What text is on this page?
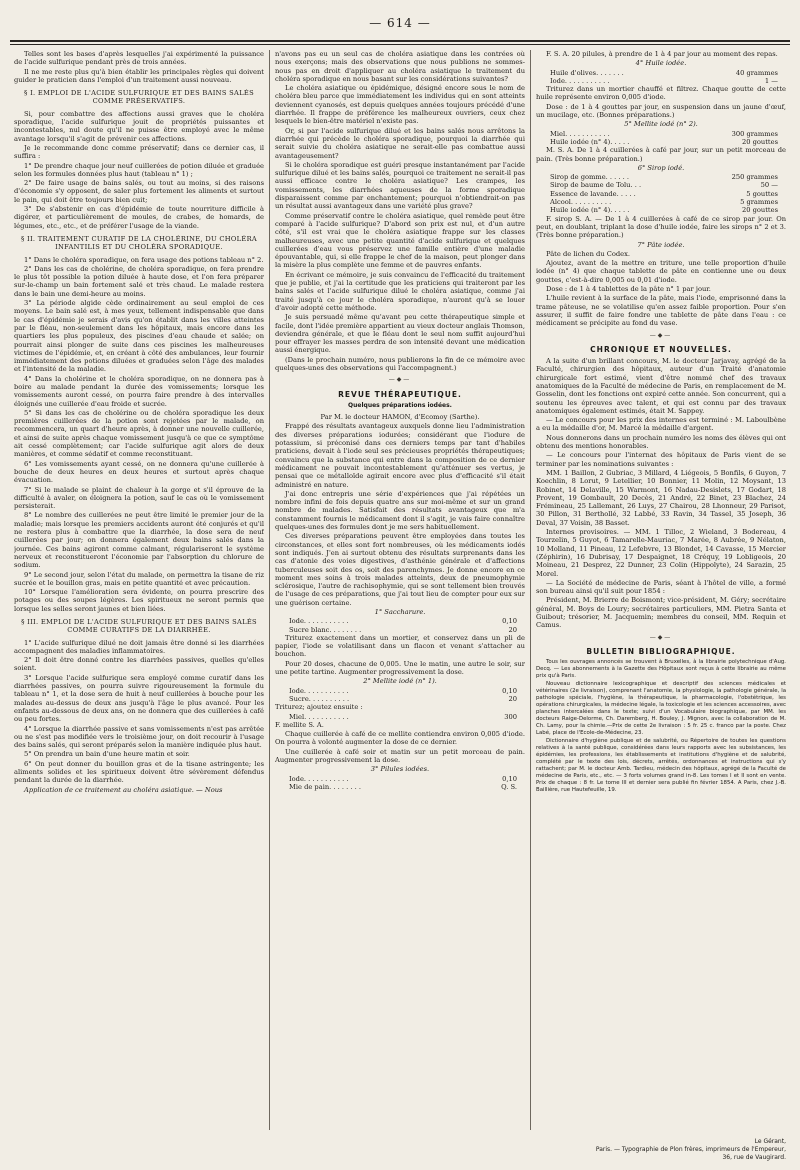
— 614 —

Telles sont les bases d'après lesquelles j'ai expérimenté la puissance de l'acide sulfurique pendant près de trois années.

Il ne me reste plus qu'à bien établir les principales règles qui doivent guider le praticien dans l'emploi d'un traitement aussi nouveau.

§ I. EMPLOI DE L'ACIDE SULFURIQUE ET DES BAINS SALÉS COMME PRÉSERVATIFS.

Si, pour combattre des affections aussi graves que le choléra sporadique, l'acide sulfurique jouit de propriétés puissantes et incontestables, nul doute qu'il ne puisse être employé avec le même avantage lorsqu'il s'agit de prévenir ces affections.

Je le recommande donc comme préservatif; dans ce dernier cas, il suffira :

1° De prendre chaque jour neuf cuillerées de potion diluée et graduée selon les formules données plus haut (tableau n° 1) ;

2° De faire usage de bains salés, ou tout au moins, si des raisons d'économie s'y opposent, de saler plus fortement les aliments et surtout le pain, qui doit être toujours bien cuit;

3° De s'abstenir en cas d'épidémie de toute nourriture difficile à digérer, et particulièrement de moules, de crabes, de homards, de légumes, etc., etc., et de préférer l'usage de la viande.

§ II. TRAITEMENT CURATIF DE LA CHOLÉRINE, DU CHOLÉRA INFANTILIS ET DU CHOLÉRA SPORADIQUE.

1° Dans le choléra sporadique, on fera usage des potions tableau n° 2.

2° Dans les cas de cholérine, de choléra sporadique, on fera prendre le plus tôt possible la potion diluée à haute dose, et l'on fera préparer sur-le-champ un bain fortement salé et très chaud. Le malade restera dans le bain une demi-heure au moins.

3° La période algide cède ordinairement au seul emploi de ces moyens. Le bain salé est, à mes yeux, tellement indispensable que dans le cas d'épidémie je serais d'avis qu'on établit dans les villes atteintes par le fléau, non-seulement dans les hôpitaux, mais encore dans les quartiers les plus populeux, des piscines d'eau chaude et salée; on pourrait ainsi plonger de suite dans ces piscines les malheureuses victimes de l'épidémie, et, en créant à côté des ambulances, leur fournir immédiatement des potions diluées et graduées selon l'âge des malades et l'intensité de la maladie.

4° Dans la cholérine et le choléra sporadique, on ne donnera pas à boire au malade pendant la durée des vomissements; lorsque les vomissements auront cessé, on pourra faire prendre à des intervalles éloignés une cuillerée d'eau froide et sucrée.

5° Si dans les cas de cholérine ou de choléra sporadique les deux premières cuillerées de la potion sont rejetées par le malade, on recommencera, un quart d'heure après, à donner une nouvelle cuillerée, et ainsi de suite après chaque vomissement jusqu'à ce que ce symptôme ait cessé complètement; car l'acide sulfurique agit alors de deux manières, et comme sédatif et comme reconstituant.

6° Les vomissements ayant cessé, on ne donnera qu'une cuillerée à bouche de deux heures en deux heures et surtout après chaque évacuation.

7° Si le malade se plaint de chaleur à la gorge et s'il éprouve de la difficulté à avaler, on éloignera la potion, sauf le cas où le vomissement persisterait.

8° Le nombre des cuillerées ne peut être limité le premier jour de la maladie; mais lorsque les premiers accidents auront été conjurés et qu'il ne restera plus à combattre que la diarrhée, la dose sera de neuf cuillerées par jour; on donnera également deux bains salés dans la journée. Ces bains agiront comme calmant, régulariseront le système nerveux et reconstitueront l'économie par l'absorption du chlorure de sodium.

9° Le second jour, selon l'état du malade, on permettra la tisane de riz sucrée et le bouillon gras, mais en petite quantité et avec précaution.

10° Lorsque l'amélioration sera évidente, on pourra prescrire des potages ou des soupes légères. Les spiritueux ne seront permis que lorsque les selles seront jaunes et bien liées.

§ III. EMPLOI DE L'ACIDE SULFURIQUE ET DES BAINS SALÉS COMME CURATIFS DE LA DIARRHÉE.

1° L'acide sulfurique dilué ne doit jamais être donné si les diarrhées accompagnent des maladies inflammatoires.

2° Il doit être donné contre les diarrhées passives, quelles qu'elles soient.

3° Lorsque l'acide sulfurique sera employé comme curatif dans les diarrhées passives, on pourra suivre rigoureusement la formule du tableau n° 1, et la dose sera de huit à neuf cuillerées à bouche pour les malades au-dessus de deux ans jusqu'à l'âge le plus avancé. Pour les enfants au-dessous de deux ans, on ne donnera que des cuillerées à café ou peu fortes.

4° Lorsque la diarrhée passive et sans vomissements n'est pas arrêtée ou ne s'est pas modifiée vers le troisième jour, on doit recourir à l'usage des bains salés, qui seront préparés selon la manière indiquée plus haut.

5° On prendra un bain d'une heure matin et soir.

6° On peut donner du bouillon gras et de la tisane astringente; les aliments solides et les spiritueux doivent être sévèrement défendus pendant la durée de la diarrhée.

Application de ce traitement au choléra asiatique. — Nous

n'avons pas eu un seul cas de choléra asiatique dans les contrées où nous exerçons; mais des observations que nous publions ne sommes-nous pas en droit d'appliquer au choléra asiatique le traitement du choléra sporadique en nous basant sur les considérations suivantes?

Le choléra asiatique ou épidémique, désigné encore sous le nom de choléra bleu parce que immédiatement les individus qui en sont atteints deviennent cyanosés, est depuis quelques années toujours précédé d'une diarrhée. Il frappe de préférence les malheureux ouvriers, ceux chez lesquels le bien-être matériel n'existe pas.

Or, si par l'acide sulfurique dilué et les bains salés nous arrêtons la diarrhée qui précède le choléra sporadique, pourquoi la diarrhée qui serait suivie du choléra asiatique ne serait-elle pas combattue aussi avantageusement?

Si le choléra sporadique est guéri presque instantanément par l'acide sulfurique dilué et les bains salés, pourquoi ce traitement ne serait-il pas aussi efficace contre le choléra asiatique? Les crampes, les vomissements, les diarrhées aqueuses de la forme sporadique disparaissent comme par enchantement; pourquoi n'obtiendrait-on pas un résultat aussi avantageux dans une variété plus grave?

Comme préservatif contre le choléra asiatique, quel remède peut être comparé à l'acide sulfurique? D'abord son prix est nul, et d'un autre côté, s'il est vrai que le choléra asiatique frappe sur les classes malheureuses, avec une petite quantité d'acide sulfurique et quelques cuillerées d'eau vous préservez une famille entière d'une maladie épouvantable, qui, si elle frappe le chef de la maison, peut plonger dans la misère la plus complète une femme et de pauvres enfants.

En écrivant ce mémoire, je suis convaincu de l'efficacité du traitement que je publie, et j'ai la certitude que les praticiens qui traiteront par les bains salés et l'acide sulfurique dilué le choléra asiatique, comme j'ai traité jusqu'à ce jour le choléra sporadique, n'auront qu'à se louer d'avoir adopté cette méthode.

Je suis persuadé même qu'avant peu cette thérapeutique simple et facile, dont l'idée première appartient au vieux docteur anglais Thomson, deviendra générale, et que le fléau dont le seul nom suffit aujourd'hui pour effrayer les masses perdra de son intensité devant une médication aussi énergique.

(Dans le prochain numéro, nous publierons la fin de ce mémoire avec quelques-unes des observations qui l'accompagnent.)

—◆—

REVUE THÉRAPEUTIQUE.

Quelques préparations iodées.

Par M. le docteur HAMON, d'Ecomoy (Sarthe).

Frappé des résultats avantageux auxquels donne lieu l'administration des diverses préparations iodurées; considérant que l'iodure de potassium, si préconisé dans ces derniers temps par tant d'habiles praticiens, devait à l'iode seul ses précieuses propriétés thérapeutiques; convaincu que la substance qui entre dans la composition de ce dernier médicament ne pouvait incontestablement qu'atténuer ses vertus, je pensai que ce métalloïde agirait encore avec plus d'efficacité s'il était administré en nature.

J'ai donc entrepris une série d'expériences que j'ai répétées un nombre infini de fois depuis quatre ans sur moi-même et sur un grand nombre de malades. Satisfait des résultats avantageux que m'a constamment fournis le médicament dont il s'agit, je vais faire connaître quelques-unes des formules dont je me sers habituellement.

Ces diverses préparations peuvent être employées dans toutes les circonstances, et elles sont fort nombreuses, où les médicaments iodés sont indiqués. J'en ai surtout obtenu des résultats surprenants dans les cas d'atonie des voies digestives, d'asthénie générale et d'affections tuberculeuses soit des os, soit des parenchymes. Je donne encore en ce moment mes soins à trois malades atteints, deux de pneumophymie sclérosique, l'autre de rachisophymie, qui se sont tellement bien trouvés de l'usage de ces préparations, que j'ai tout lieu de compter pour eux sur une guérison certaine.

1° Saccharure.

Iode. . . . . . . . . . .	0,10
Sucre blanc. . . . . . . .	20

Triturez exactement dans un mortier, et conservez dans un pli de papier, l'iode se volatilisant dans un flacon et venant s'attacher au bouchon.

Pour 20 doses, chacune de 0,005. Une le matin, une autre le soir, sur une petite tartine. Augmenter progressivement la dose.

2° Mellite iodé (n° 1).

Iode. . . . . . . . . . .	0,10
Sucre. . . . . . . . . .	20

Triturez; ajoutez ensuite :

Miel. . . . . . . . . . .	300

F. mellite S. A.

Chaque cuillerée à café de ce mellite contiendra environ 0,005 d'iode. On pourra à volonté augmenter la dose de ce dernier.

Une cuillerée à café soir et matin sur un petit morceau de pain. Augmenter progressivement la dose.

3° Pilules iodées.

Iode. . . . . . . . . . .	0,10
Mie de pain. . . . . . . .	Q. S.

F. S. A. 20 pilules, à prendre de 1 à 4 par jour au moment des repas.

4° Huile iodée.

Huile d'olives. . . . . . .	40 grammes
Iode. . . . . . . . . . .	1 —

Triturez dans un mortier chauffé et filtrez. Chaque goutte de cette huile représente environ 0,005 d'iode.

Dose : de 1 à 4 gouttes par jour, en suspension dans un jaune d'œuf, un mucilage, etc. (Bonnes préparations.)

5° Mellite iodé (n° 2).

Miel. . . . . . . . . . .	300 grammes
Huile iodée (n° 4). . . . .	20 gouttes

M. S. A. De 1 à 4 cuillerées à café par jour, sur un petit morceau de pain. (Très bonne préparation.)

6° Sirop iodé.

Sirop de gomme. . . . . .	250 grammes
Sirop de baume de Tolu. . .	50 —
Essence de lavande. . . . .	5 gouttes
Alcool. . . . . . . . . .	5 grammes
Huile iodée (n° 4). . . . .	20 gouttes

F. sirop S. A. — De 1 à 4 cuillerées à café de ce sirop par jour. On peut, en doublant, triplant la dose d'huile iodée, faire les sirops n° 2 et 3. (Très bonne préparation.)

7° Pâte iodée.

Pâte de lichen du Codex.

Ajoutez, avant de la mettre en triture, une telle proportion d'huile iodée (n° 4) que chaque tablette de pâte en contienne une ou deux gouttes, c'est-à-dire 0,005 ou 0,01 d'iode.

Dose : de 1 à 4 tablettes de la pâte n° 1 par jour.

L'huile revient à la surface de la pâte, mais l'iode, emprisonné dans la trame pâteuse, ne se volatilise qu'en assez faible proportion. Pour s'en assurer, il suffit de faire fondre une tablette de pâte dans l'eau : ce médicament se précipite au fond du vase.

—◆—

CHRONIQUE ET NOUVELLES.

A la suite d'un brillant concours, M. le docteur Jarjavay, agrégé de la Faculté, chirurgien des hôpitaux, auteur d'un Traité d'anatomie chirurgicale fort estimé, vient d'être nommé chef des travaux anatomiques de la Faculté de médecine de Paris, en remplacement de M. Gosselin, dont les fonctions ont expiré cette année. Son concurrent, qui a soutenu les épreuves avec talent, et qui est connu par des travaux anatomiques également estimés, était M. Sappey.

— Le concours pour les prix des internes est terminé : M. Laboulbène a eu la médaille d'or, M. Marcé la médaille d'argent.

Nous donnerons dans un prochain numéro les noms des élèves qui ont obtenu des mentions honorables.

— Le concours pour l'internat des hôpitaux de Paris vient de se terminer par les nominations suivantes :

MM. 1 Baillon, 2 Gubriac, 3 Millard, 4 Liégeois, 5 Bonfils, 6 Guyon, 7 Koechlin, 8 Lorut, 9 Letellier, 10 Bonnier, 11 Molin, 12 Moysant, 13 Robinet, 14 Delaville, 15 Warmont, 16 Nadau-Desislets, 17 Godart, 18 Provent, 19 Gombault, 20 Decès, 21 André, 22 Binet, 23 Blachez, 24 Frémineau, 25 Lallemant, 26 Luys, 27 Chairou, 28 Lhonneur, 29 Parisot, 30 Pillon, 31 Berthollé, 32 Labbé, 33 Ravin, 34 Tassel, 35 Joseph, 36 Deval, 37 Voisin, 38 Basset.

Internes provisoires. — MM. 1 Tilloc, 2 Wieland, 3 Bodereau, 4 Tourzelin, 5 Guyot, 6 Tamarelle-Mauriac, 7 Marée, 8 Aubrée, 9 Nélaton, 10 Molland, 11 Pineau, 12 Lefebvre, 13 Blondet, 14 Cavasse, 15 Mercier (Zéphirin), 16 Dubrisay, 17 Despaignet, 18 Créquy, 19 Lobligeois, 20 Moineau, 21 Desprez, 22 Dunner, 23 Colin (Hippolyte), 24 Sarazin, 25 Morel.

— La Société de médecine de Paris, séant à l'hôtel de ville, a formé son bureau ainsi qu'il suit pour 1854 :

Président, M. Brierre de Boismont; vice-président, M. Géry; secrétaire général, M. Boys de Loury; secrétaires particuliers, MM. Pietra Santa et Guibout; trésorier, M. Jacquemin; membres du conseil, MM. Requin et Camus.

—◆—

BULLETIN BIBLIOGRAPHIQUE.

Tous les ouvrages annoncés se trouvent à Bruxelles, à la librairie polytechnique d'Aug. Decq. — Les abonnements à la Gazette des Hôpitaux sont reçus à cette librairie au même prix qu'à Paris.

Nouveau dictionnaire lexicographique et descriptif des sciences médicales et vétérinaires (2e livraison), comprenant l'anatomie, la physiologie, la pathologie générale, la pathologie spéciale, l'hygiène, la thérapeutique, la pharmacologie, l'obstétrique, les opérations chirurgicales, la médecine légale, la toxicologie et les sciences accessoires, avec planches intercalées dans le texte; suivi d'un Vocabulaire biographique, par MM. les docteurs Raige-Delorme, Ch. Daremberg, H. Bouley, J. Mignon, avec la collaboration de M. Ch. Lamy, pour la chimie.—Prix de cette 2e livraison : 5 fr. 25 c. franco par la poste. Chez Labé, place de l'Ecole-de-Médecine, 23.

Dictionnaire d'hygiène publique et de salubrité, ou Répertoire de toutes les questions relatives à la santé publique, considérées dans leurs rapports avec les subsistances, les épidémies, les professions, les établissements et institutions d'hygiène et de salubrité, complété par le texte des lois, décrets, arrêtés, ordonnances et instructions qui s'y rattachent; par M. le docteur Amb. Tardieu, médecin des hôpitaux, agrégé de la Faculté de médecine de Paris, etc., etc. — 3 forts volumes grand in-8. Les tomes I et II sont en vente. Prix de chaque : 8 fr. Le tome III et dernier sera publié fin février 1854. A Paris, chez J.-B. Baillière, rue Hautefeuille, 19.

Le Gérant,
Paris. — Typographie de Plon frères, imprimeurs de l'Empereur,
36, rue de Vaugirard.
